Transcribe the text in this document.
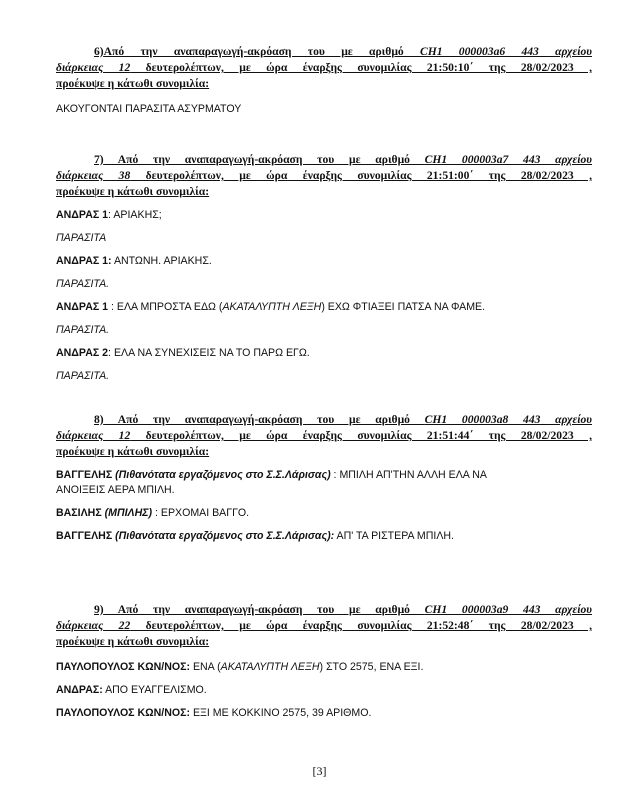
6)Από την αναπαραγωγή-ακρόαση του με αριθμό CH1 000003a6 443 αρχείου
διάρκειας 12 δευτερολέπτων, με ώρα έναρξης συνομιλίας 21:50:10΄ της 28/02/2023 ,
προέκυψε η κάτωθι συνομιλία:

ΑΚΟΥΓΟΝΤΑΙ ΠΑΡΑΣΙΤΑ ΑΣΥΡΜΑΤΟΥ

7) Από την αναπαραγωγή-ακρόαση του με αριθμό CH1 000003a7 443 αρχείου
διάρκειας 38 δευτερολέπτων, με ώρα έναρξης συνομιλίας 21:51:00΄ της 28/02/2023 ,
προέκυψε η κάτωθι συνομιλία:

ΑΝΔΡΑΣ 1: ΑΡΙΑΚΗΣ;

ΠΑΡΑΣΙΤΑ

ΑΝΔΡΑΣ 1: ΑΝΤΩΝΗ. ΑΡΙΑΚΗΣ.

ΠΑΡΑΣΙΤΑ.

ΑΝΔΡΑΣ 1 : ΕΛΑ ΜΠΡΟΣΤΑ ΕΔΩ (ΑΚΑΤΑΛΥΠΤΗ ΛΕΞΗ) ΕΧΩ ΦΤΙΑΞΕΙ ΠΑΤΣΑ ΝΑ ΦΑΜΕ.

ΠΑΡΑΣΙΤΑ.

ΑΝΔΡΑΣ 2: ΕΛΑ ΝΑ ΣΥΝΕΧΙΣΕΙΣ ΝΑ ΤΟ ΠΑΡΩ ΕΓΩ.

ΠΑΡΑΣΙΤΑ.

8) Από την αναπαραγωγή-ακρόαση του με αριθμό CH1 000003a8 443 αρχείου
διάρκειας 12 δευτερολέπτων, με ώρα έναρξης συνομιλίας 21:51:44΄ της 28/02/2023 ,
προέκυψε η κάτωθι συνομιλία:

ΒΑΓΓΕΛΗΣ (Πιθανότατα εργαζόμενος στο Σ.Σ.Λάρισας) : ΜΠΙΛΗ ΑΠ'ΤΗΝ ΑΛΛΗ ΕΛΑ ΝΑ

ΑΝΟΙΞΕΙΣ ΑΕΡΑ ΜΠΙΛΗ.

ΒΑΣΙΛΗΣ (ΜΠΙΛΗΣ) : ΕΡΧΟΜΑΙ ΒΑΓΓΟ.

ΒΑΓΓΕΛΗΣ (Πιθανότατα εργαζόμενος στο Σ.Σ.Λάρισας): ΑΠ' ΤΑ ΡΙΣΤΕΡΑ ΜΠΙΛΗ.

9) Από την αναπαραγωγή-ακρόαση του με αριθμό CH1 000003a9 443 αρχείου
διάρκειας 22 δευτερολέπτων, με ώρα έναρξης συνομιλίας 21:52:48΄ της 28/02/2023 ,
προέκυψε η κάτωθι συνομιλία:

ΠΑΥΛΟΠΟΥΛΟΣ ΚΩΝ/ΝΟΣ: ΕΝΑ (ΑΚΑΤΑΛΥΠΤΗ ΛΕΞΗ) ΣΤΟ 2575, ΕΝΑ ΕΞΙ.

ΑΝΔΡΑΣ: ΑΠΟ ΕΥΑΓΓΕΛΙΣΜΟ.

ΠΑΥΛΟΠΟΥΛΟΣ ΚΩΝ/ΝΟΣ: ΕΞΙ ΜΕ ΚΟΚΚΙΝΟ 2575, 39 ΑΡΙΘΜΟ.

[3]
